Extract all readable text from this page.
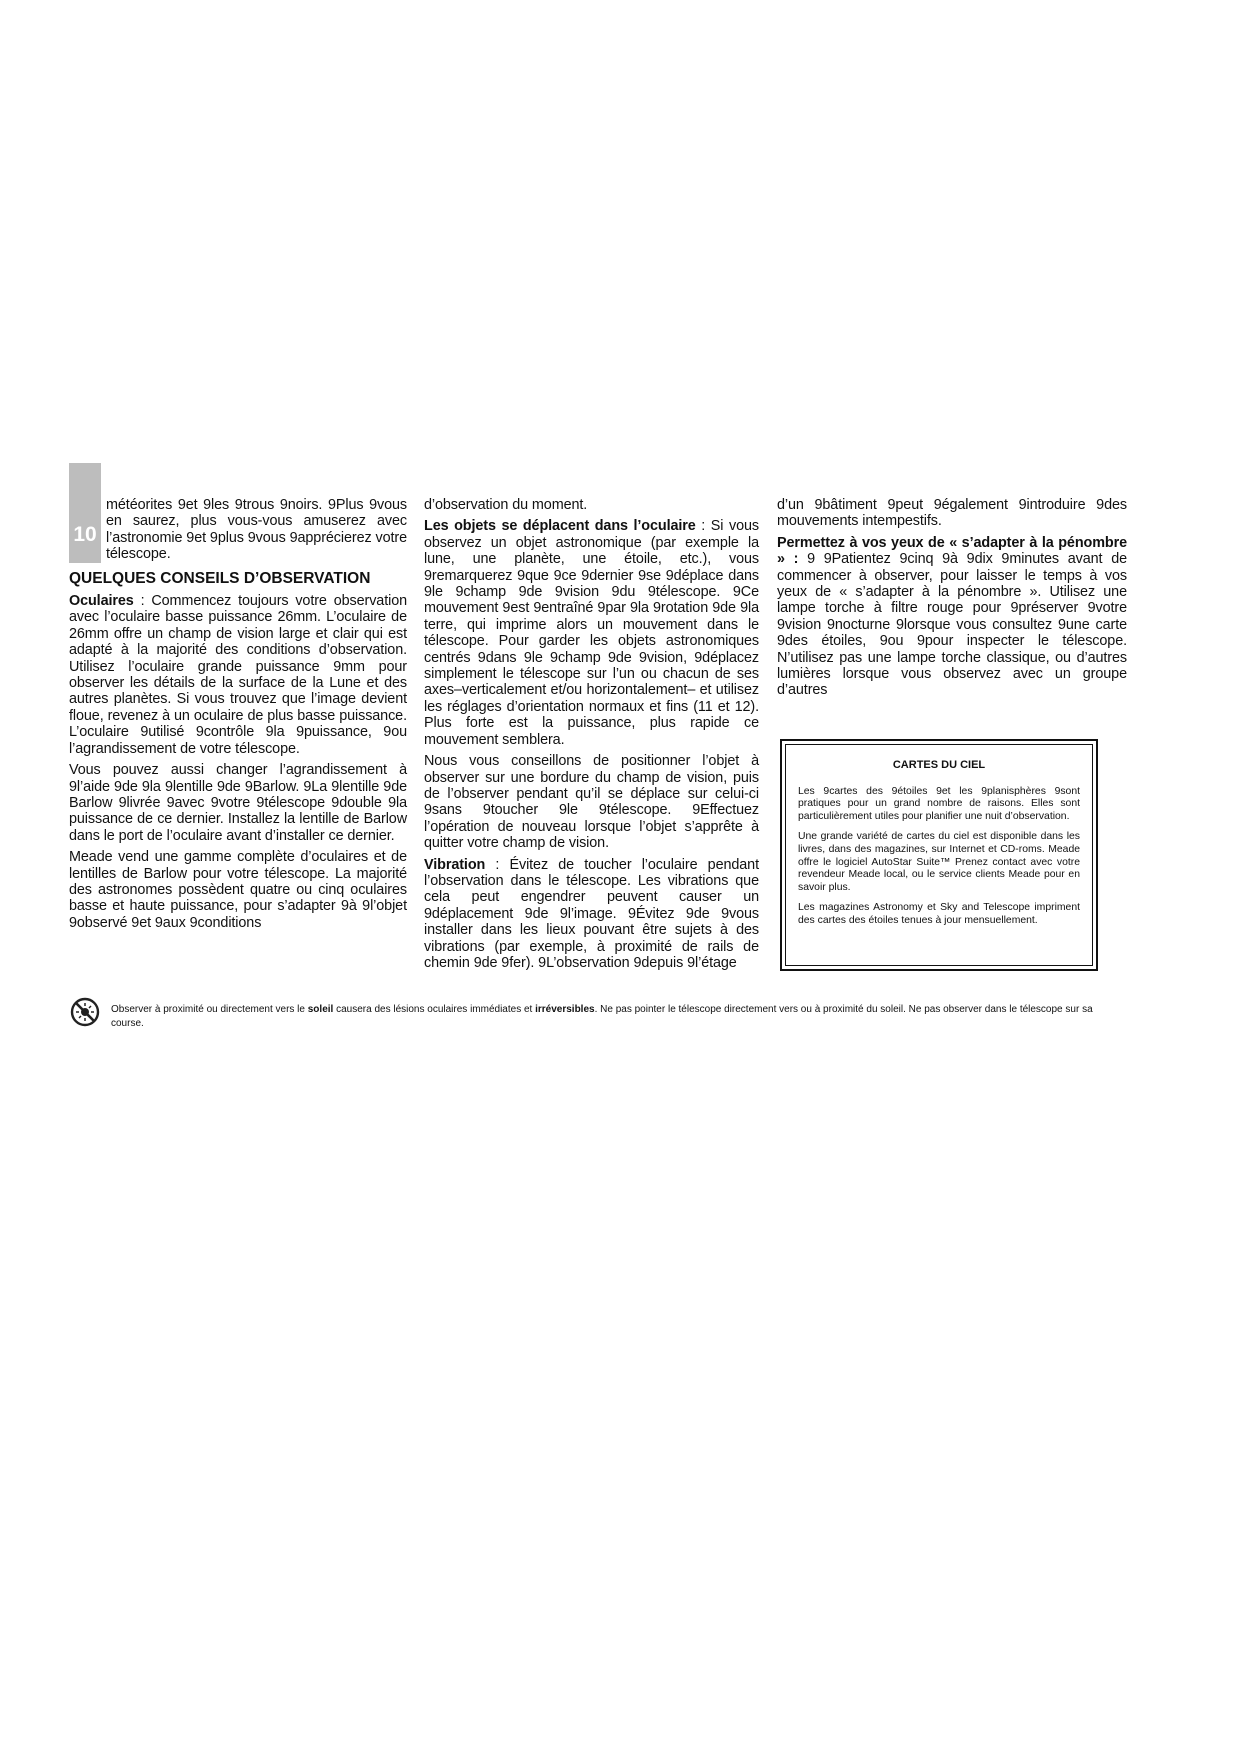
10

météorites 9et 9les 9trous 9noirs. 9Plus 9vous en saurez, plus vous-vous amuserez avec l’astronomie 9et 9plus 9vous 9apprécierez votre télescope.

QUELQUES CONSEILS D’OBSERVATION

Oculaires : Commencez toujours votre observation avec l’oculaire basse puissance 26mm. L’oculaire de 26mm offre un champ de vision large et clair qui est adapté à la majorité des conditions d’observation. Utilisez l’oculaire grande puissance 9mm pour observer les détails de la surface de la Lune et des autres planètes. Si vous trouvez que l’image devient floue, revenez à un oculaire de plus basse puissance. L’oculaire 9utilisé 9contrôle 9la 9puissance, 9ou l’agrandissement de votre télescope.

Vous pouvez aussi changer l’agrandissement à 9l’aide 9de 9la 9lentille 9de 9Barlow. 9La 9lentille 9de Barlow 9livrée 9avec 9votre 9télescope 9double 9la puissance de ce dernier. Installez la lentille de Barlow dans le port de l’oculaire avant d’installer ce dernier.

Meade vend une gamme complète d’oculaires et de lentilles de Barlow pour votre télescope. La majorité des astronomes possèdent quatre ou cinq oculaires basse et haute puissance, pour s’adapter 9à 9l’objet 9observé 9et 9aux 9conditions

d’observation du moment.

Les objets se déplacent dans l’oculaire : Si vous observez un objet astronomique (par exemple la lune, une planète, une étoile, etc.), vous 9remarquerez 9que 9ce 9dernier 9se 9déplace dans 9le 9champ 9de 9vision 9du 9télescope. 9Ce mouvement 9est 9entraîné 9par 9la 9rotation 9de 9la terre, qui imprime alors un mouvement dans le télescope. Pour garder les objets astronomiques centrés 9dans 9le 9champ 9de 9vision, 9déplacez simplement le télescope sur l’un ou chacun de ses axes–verticalement et/ou horizontalement– et utilisez les réglages d’orientation normaux et fins (11 et 12). Plus forte est la puissance, plus rapide ce mouvement semblera.

Nous vous conseillons de positionner l’objet à observer sur une bordure du champ de vision, puis de l’observer pendant qu’il se déplace sur celui-ci 9sans 9toucher 9le 9télescope. 9Effectuez l’opération de nouveau lorsque l’objet s’apprête à quitter votre champ de vision.

Vibration : Évitez de toucher l’oculaire pendant l’observation dans le télescope. Les vibrations que cela peut engendrer peuvent causer un 9déplacement 9de 9l’image. 9Évitez 9de 9vous installer dans les lieux pouvant être sujets à des vibrations (par exemple, à proximité de rails de chemin 9de 9fer). 9L’observation 9depuis 9l’étage

d’un 9bâtiment 9peut 9également 9introduire 9des mouvements intempestifs.

Permettez à vos yeux de « s’adapter à la pénombre » : 9 9Patientez 9cinq 9à 9dix 9minutes avant de commencer à observer, pour laisser le temps à vos yeux de « s’adapter à la pénombre ». Utilisez une lampe torche à filtre rouge pour 9préserver 9votre 9vision 9nocturne 9lorsque vous consultez 9une carte 9des étoiles, 9ou 9pour inspecter le télescope. N’utilisez pas une lampe torche classique, ou d’autres lumières lorsque vous observez avec un groupe d’autres

CARTES DU CIEL

Les 9cartes des 9étoiles 9et les 9planisphères 9sont pratiques pour un grand nombre de raisons. Elles sont particulièrement utiles pour planifier une nuit d’observation.

Une grande variété de cartes du ciel est disponible dans les livres, dans des magazines, sur Internet et CD-roms. Meade offre le logiciel AutoStar Suite™ Prenez contact avec votre revendeur Meade local, ou le service clients Meade pour en savoir plus.

Les magazines Astronomy et Sky and Telescope impriment des cartes des étoiles tenues à jour mensuellement.

Observer à proximité ou directement vers le soleil causera des lésions oculaires immédiates et irréversibles. Ne pas pointer le télescope directement vers ou à proximité du soleil. Ne pas observer dans le télescope sur sa course.
